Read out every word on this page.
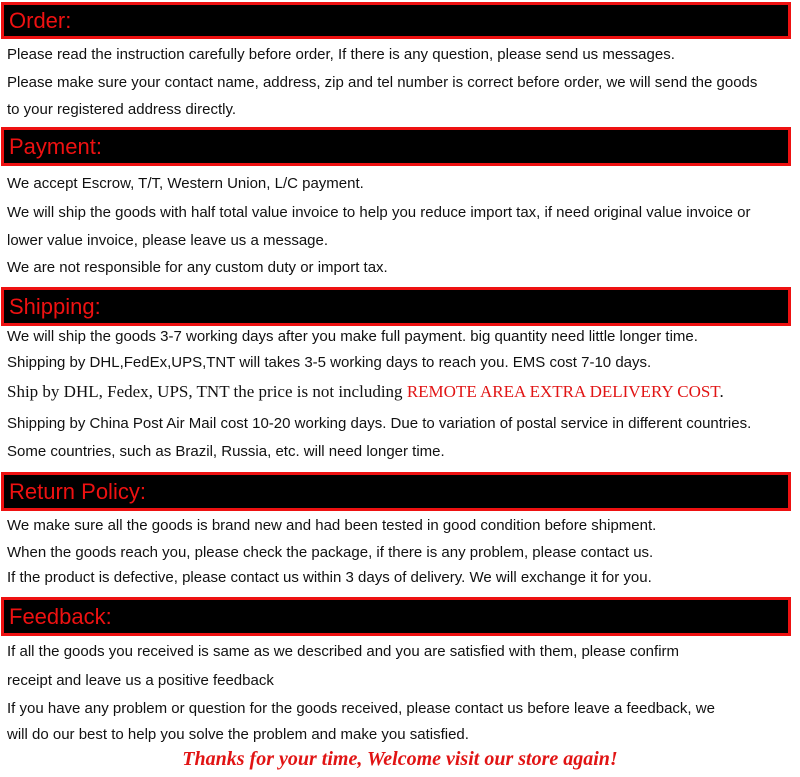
Order:
Please read the instruction carefully before order, If there is any question, please send us messages.
Please make sure your contact name, address, zip and tel number is correct before order, we will send the goods
to your registered address directly.
Payment:
We accept Escrow, T/T, Western Union, L/C payment.
We will ship the goods with half total value invoice to help you reduce import tax, if need original value invoice or
lower value invoice, please leave us a message.
We are not responsible for any custom duty or import tax.
Shipping:
We will ship the goods 3-7 working days after you make full payment. big quantity need little longer time.
Shipping by DHL,FedEx,UPS,TNT will takes 3-5 working days to reach you. EMS cost 7-10 days.
Ship by DHL, Fedex, UPS, TNT the price is not including REMOTE AREA EXTRA DELIVERY COST.
Shipping by China Post Air Mail cost 10-20 working days. Due to variation of postal service in different countries.
Some countries, such as Brazil, Russia, etc. will need longer time.
Return Policy:
We make sure all the goods is brand new and had been tested in good condition before shipment.
When the goods reach you, please check the package, if there is any problem, please contact us.
If the product is defective, please contact us within 3 days of delivery. We will exchange it for you.
Feedback:
If all the goods you received is same as we described and you are satisfied with them, please confirm
receipt and leave us a positive feedback
If you have any problem or question for the goods received, please contact us before leave a feedback, we
will do our best to help you solve the problem and make you satisfied.
Thanks for your time, Welcome visit our store again!
